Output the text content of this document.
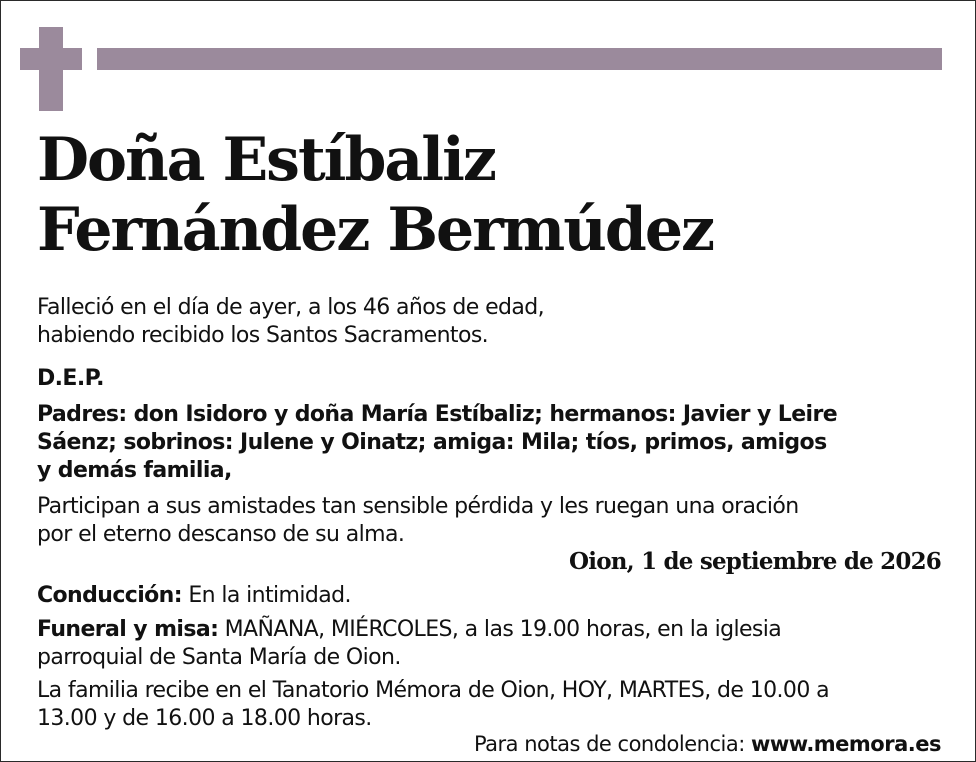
Doña Estíbaliz
Fernández Bermúdez

Falleció en el día de ayer, a los 46 años de edad,
habiendo recibido los Santos Sacramentos.

D.E.P.

Padres: don Isidoro y doña María Estíbaliz; hermanos: Javier y Leire
Sáenz; sobrinos: Julene y Oinatz; amiga: Mila; tíos, primos, amigos
y demás familia,

Participan a sus amistades tan sensible pérdida y les ruegan una oración
por el eterno descanso de su alma.

Oion, 1 de septiembre de 2026

Conducción: En la intimidad.

Funeral y misa: MAÑANA, MIÉRCOLES, a las 19.00 horas, en la iglesia
parroquial de Santa María de Oion.

La familia recibe en el Tanatorio Mémora de Oion, HOY, MARTES, de 10.00 a
13.00 y de 16.00 a 18.00 horas.

Para notas de condolencia: www.memora.es
